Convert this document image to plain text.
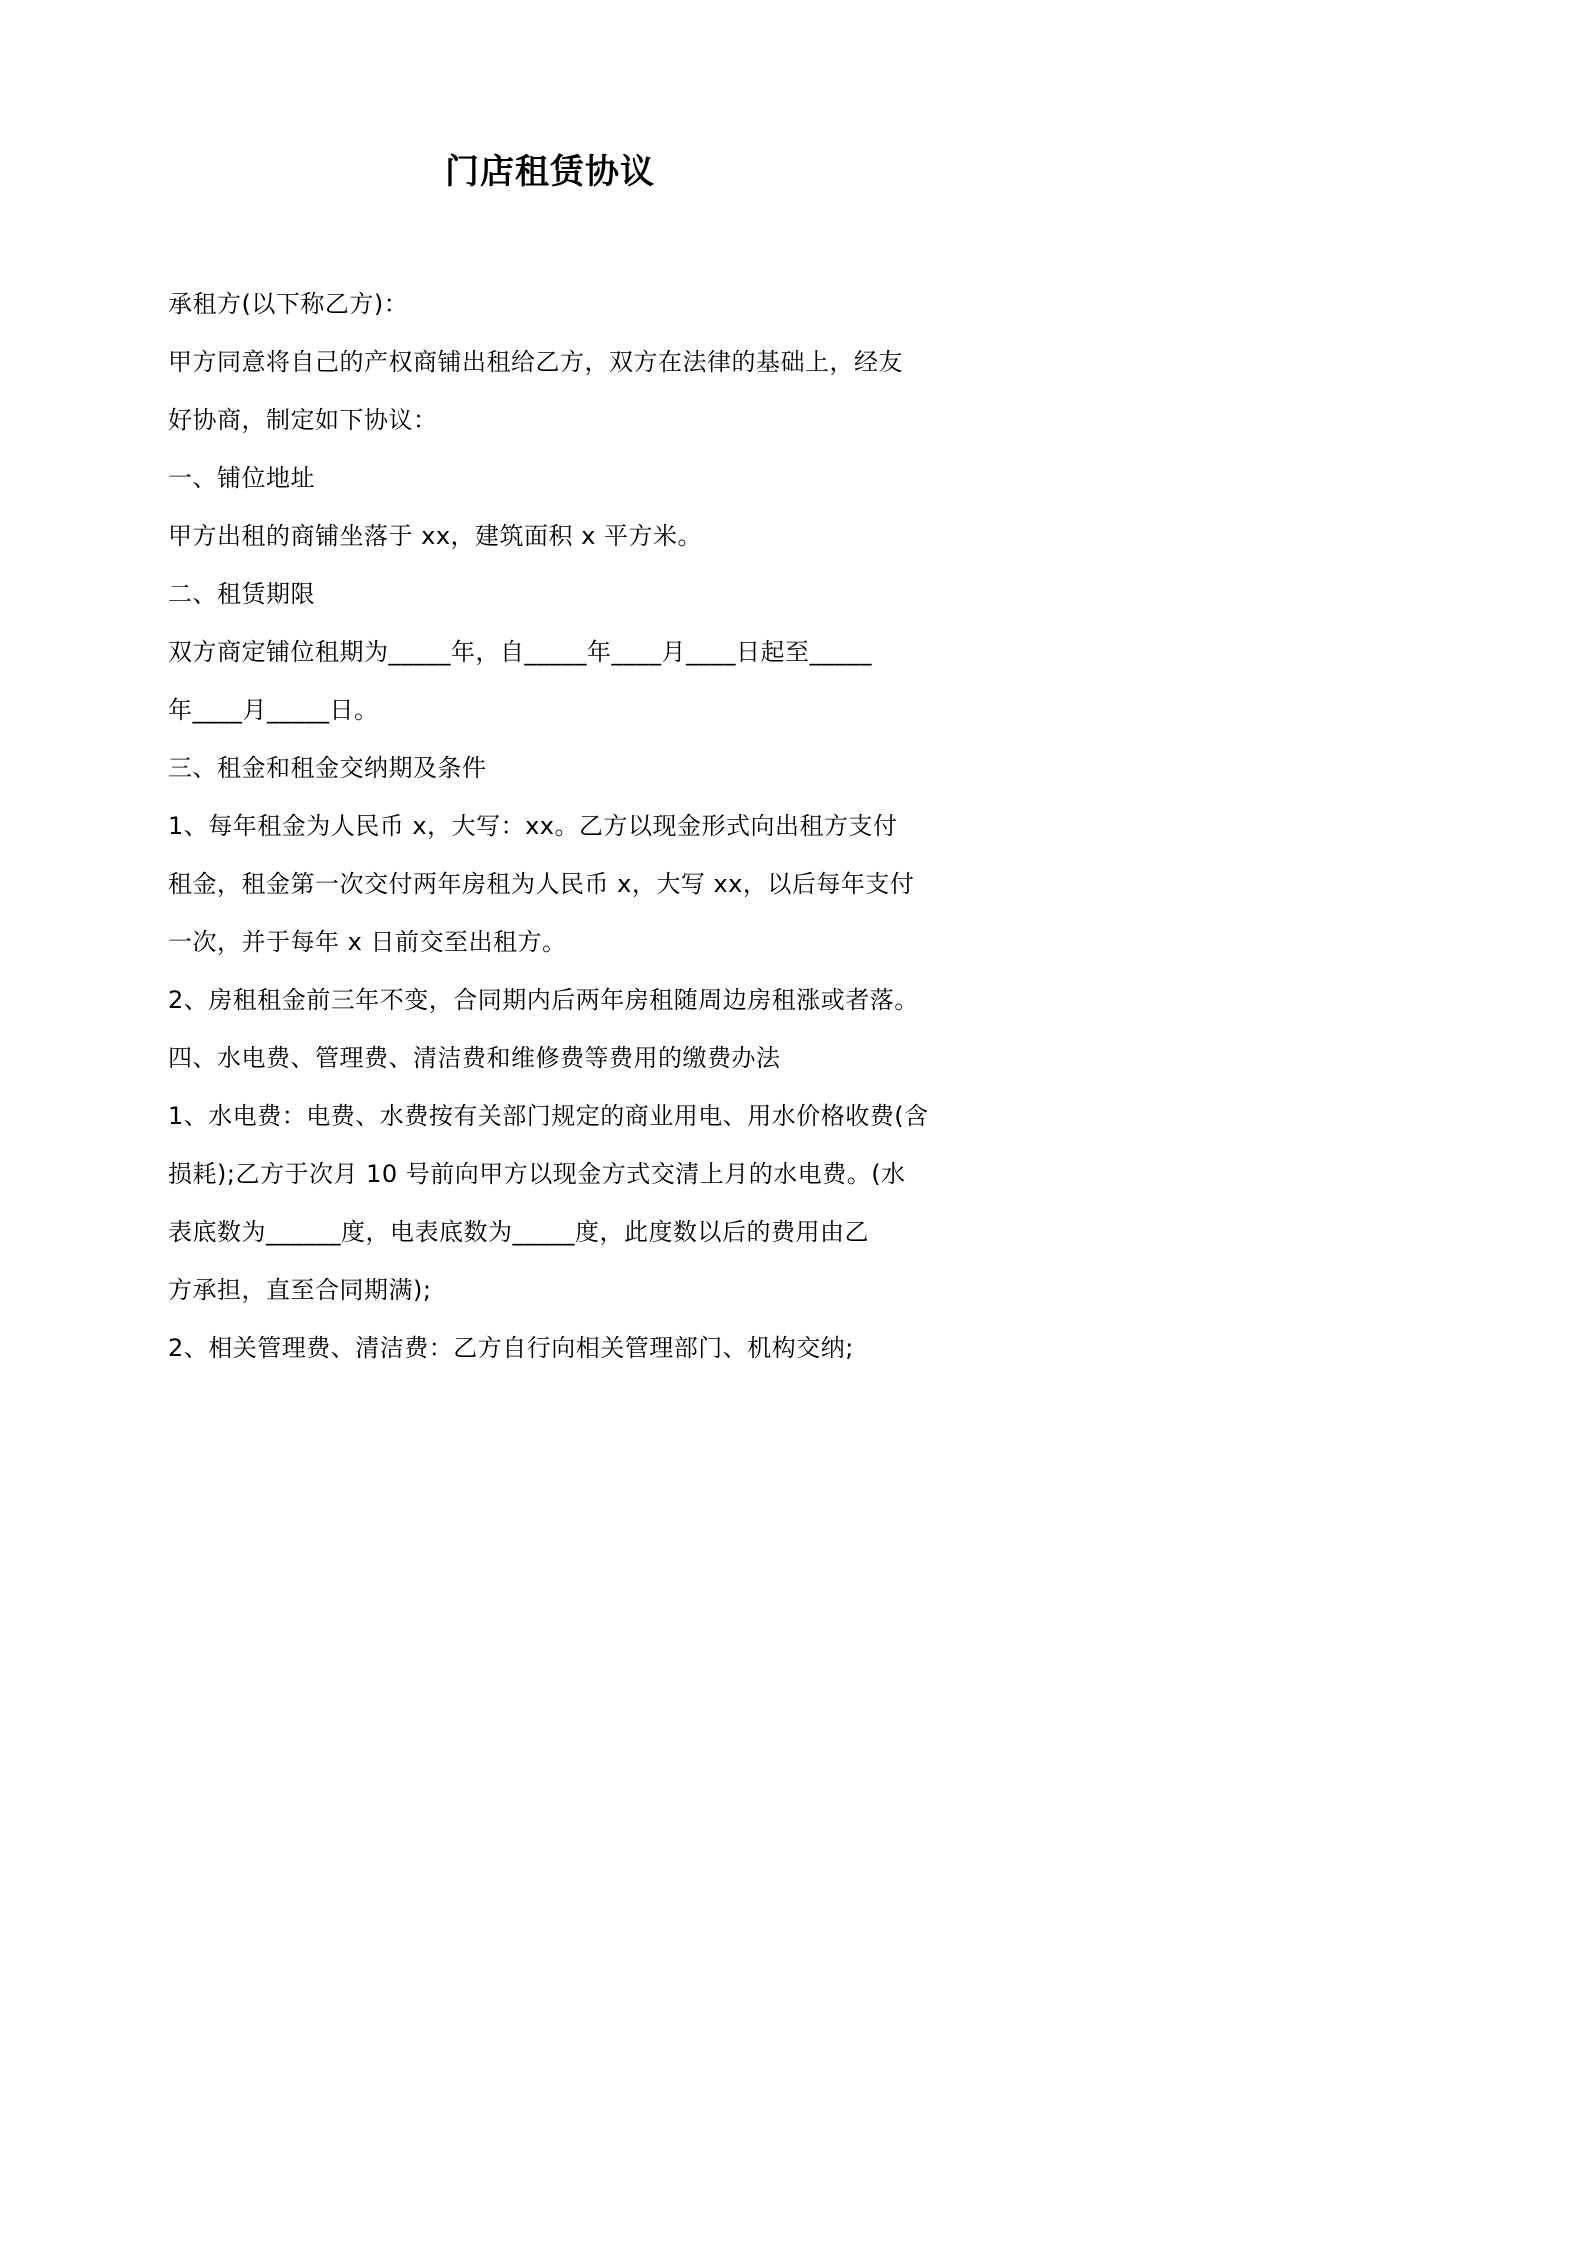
门店租赁协议
承租方(以下称乙方)：
甲方同意将自己的产权商铺出租给乙方，双方在法律的基础上，经友
好协商，制定如下协议：
一、铺位地址
甲方出租的商铺坐落于 xx，建筑面积 x 平方米。
二、租赁期限
双方商定铺位租期为_____年，自_____年____月____日起至_____
年____月_____日。
三、租金和租金交纳期及条件
1、每年租金为人民币 x，大写：xx。乙方以现金形式向出租方支付
租金，租金第一次交付两年房租为人民币 x，大写 xx，以后每年支付
一次，并于每年 x 日前交至出租方。
2、房租租金前三年不变，合同期内后两年房租随周边房租涨或者落。
四、水电费、管理费、清洁费和维修费等费用的缴费办法
1、水电费：电费、水费按有关部门规定的商业用电、用水价格收费(含
损耗);乙方于次月 10 号前向甲方以现金方式交清上月的水电费。(水
表底数为______度，电表底数为_____度，此度数以后的费用由乙
方承担，直至合同期满);
2、相关管理费、清洁费：乙方自行向相关管理部门、机构交纳;
